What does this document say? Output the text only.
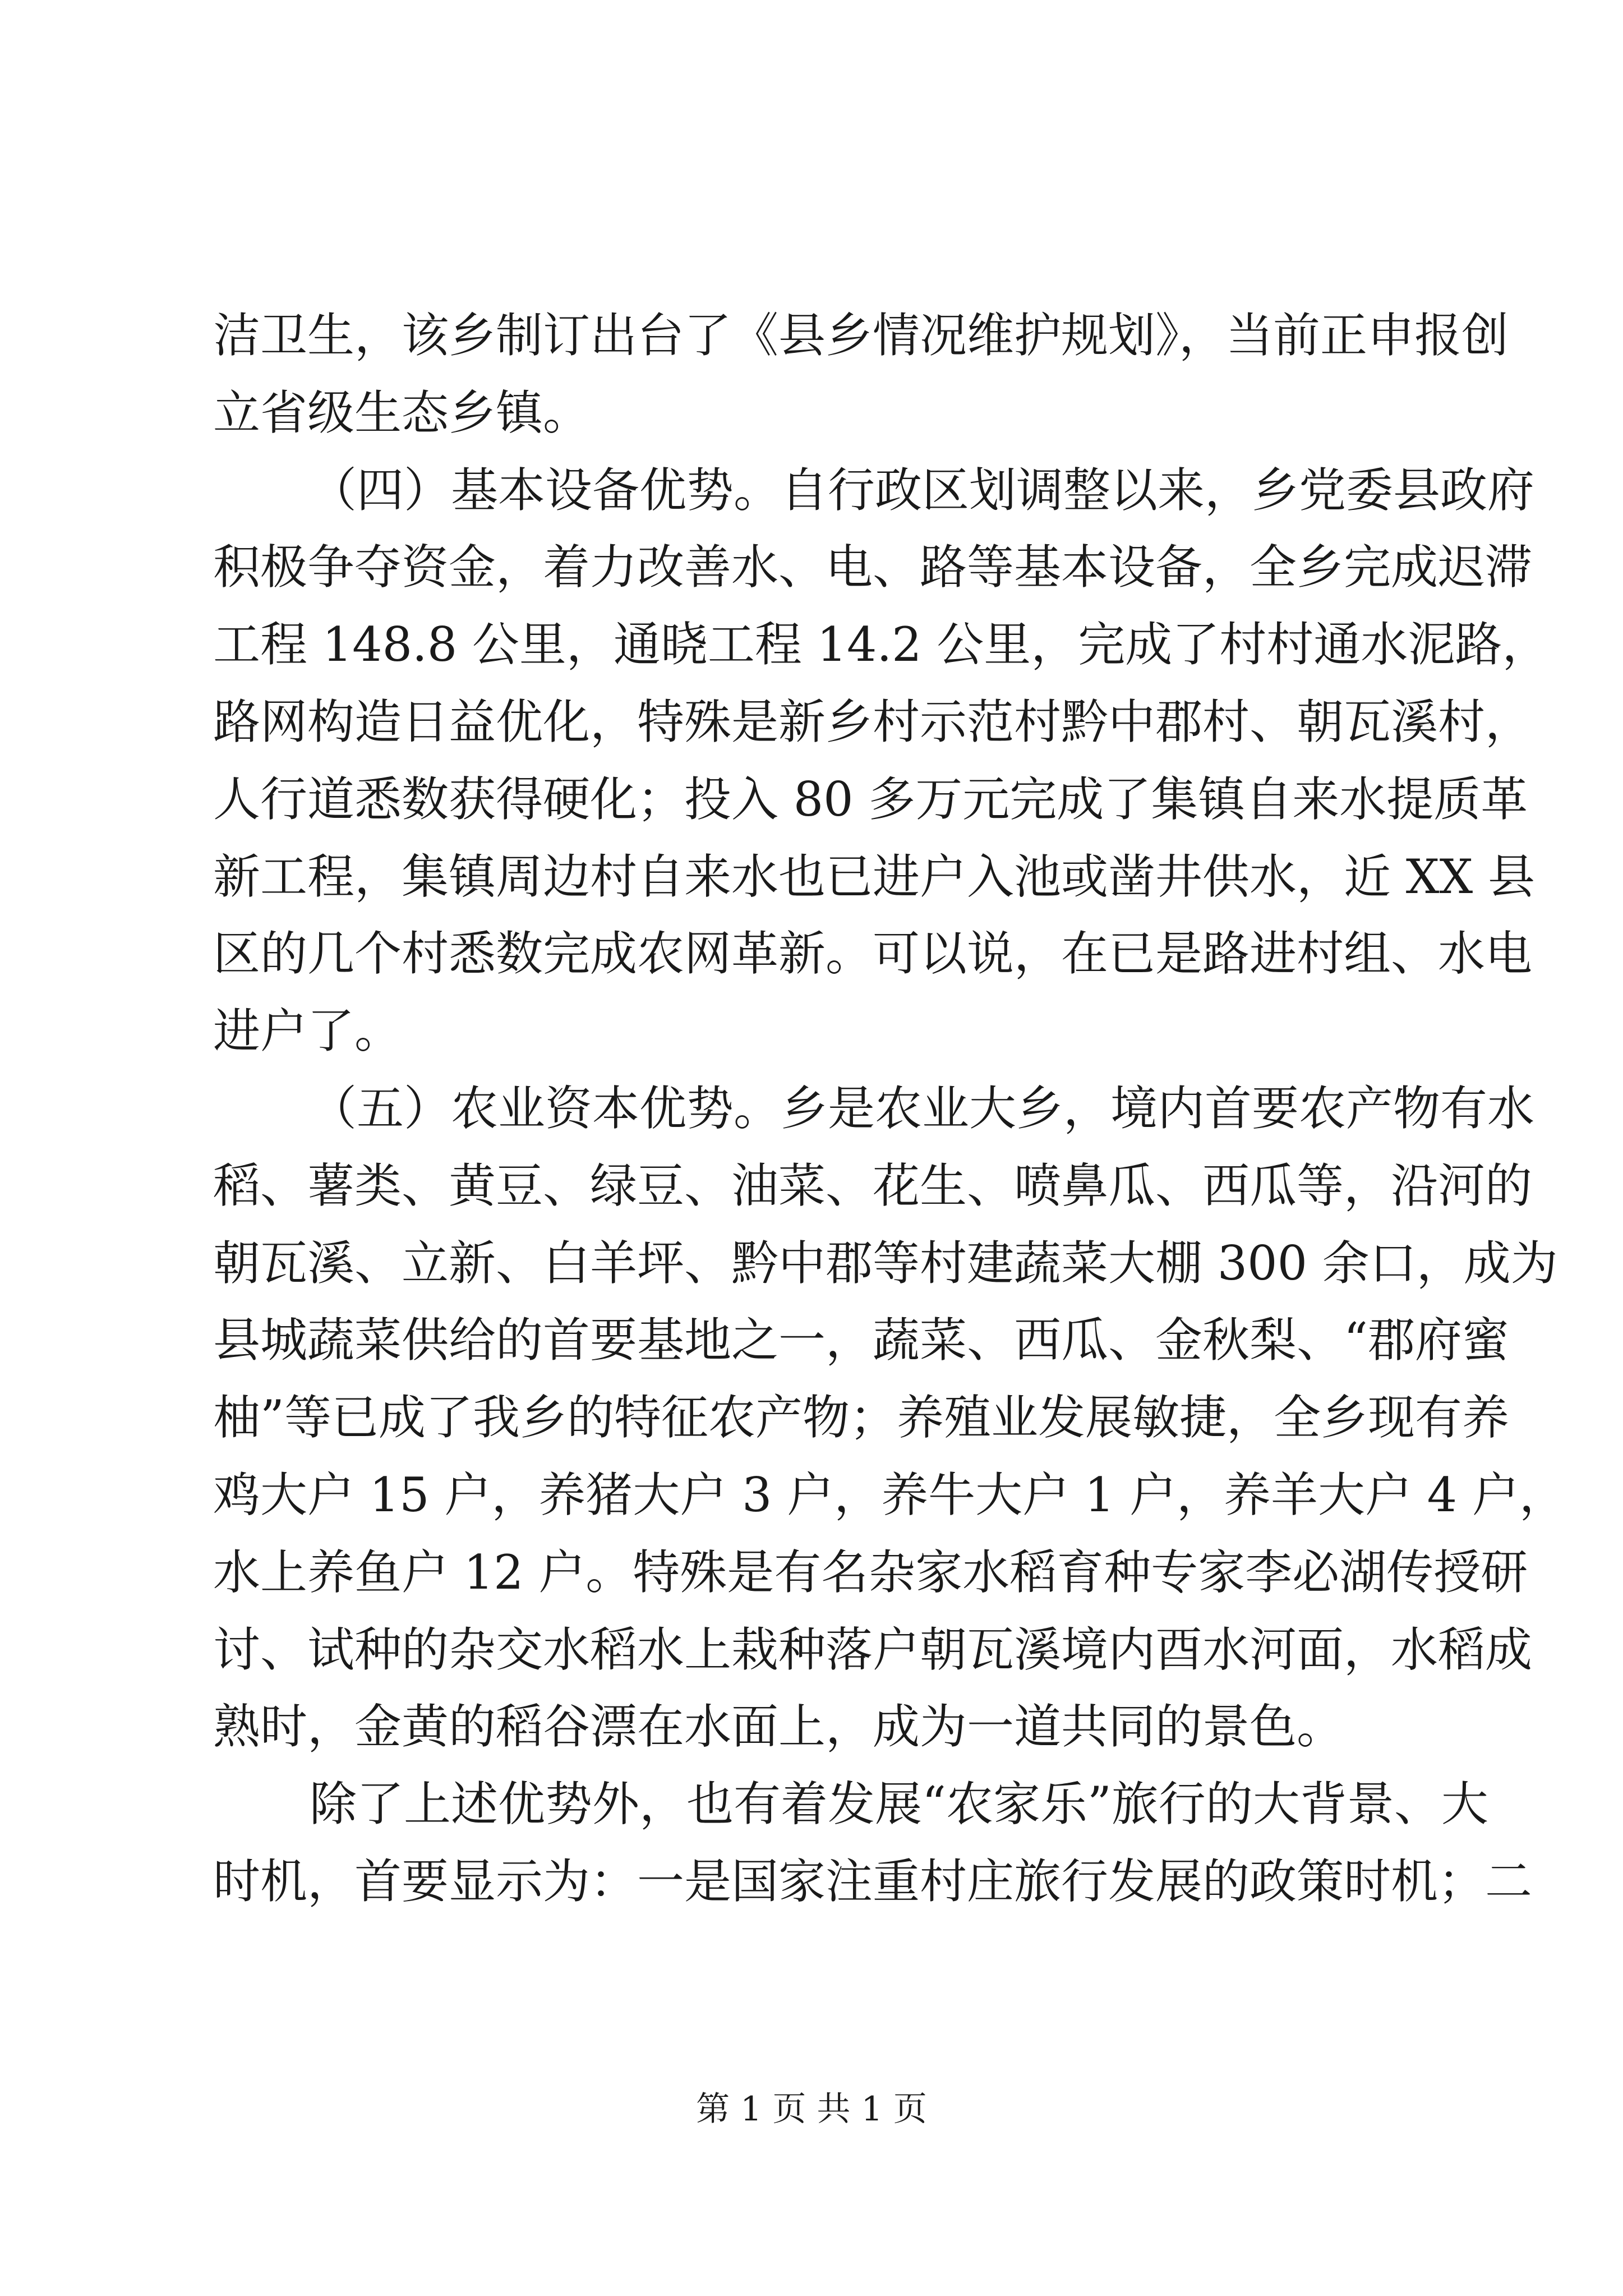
洁卫生，该乡制订出台了《县乡情况维护规划》，当前正申报创
立省级生态乡镇。
（四）基本设备优势。自行政区划调整以来，乡党委县政府
积极争夺资金，着力改善水、电、路等基本设备，全乡完成迟滞
工程 148.8 公里，通晓工程 14.2 公里，完成了村村通水泥路，
路网构造日益优化，特殊是新乡村示范村黔中郡村、朝瓦溪村，
人行道悉数获得硬化；投入 80 多万元完成了集镇自来水提质革
新工程，集镇周边村自来水也已进户入池或凿井供水，近 XX 县
区的几个村悉数完成农网革新。可以说，在已是路进村组、水电
进户了。
（五）农业资本优势。乡是农业大乡，境内首要农产物有水
稻、薯类、黄豆、绿豆、油菜、花生、喷鼻瓜、西瓜等，沿河的
朝瓦溪、立新、白羊坪、黔中郡等村建蔬菜大棚 300 余口，成为
县城蔬菜供给的首要基地之一，蔬菜、西瓜、金秋梨、“郡府蜜
柚”等已成了我乡的特征农产物；养殖业发展敏捷，全乡现有养
鸡大户 15 户，养猪大户 3 户，养牛大户 1 户，养羊大户 4 户，
水上养鱼户 12 户。特殊是有名杂家水稻育种专家李必湖传授研
讨、试种的杂交水稻水上栽种落户朝瓦溪境内酉水河面，水稻成
熟时，金黄的稻谷漂在水面上，成为一道共同的景色。
除了上述优势外，也有着发展“农家乐”旅行的大背景、大
时机，首要显示为：一是国家注重村庄旅行发展的政策时机；二
第 1 页 共 1 页
